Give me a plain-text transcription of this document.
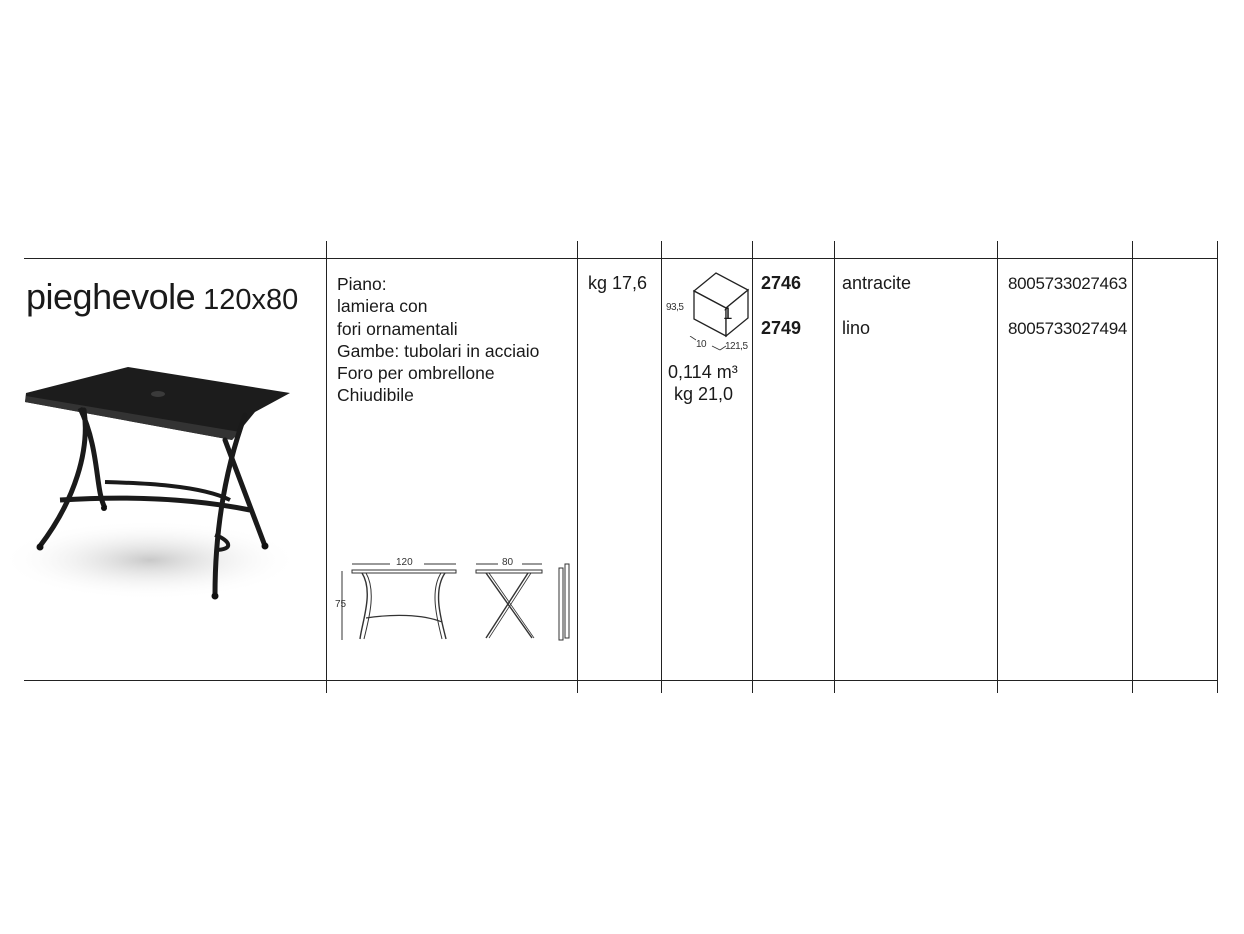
pieghevole 120x80 Piano:
lamiera con
fori ornamentali
Gambe: tubolari in acciaio
Foro per ombrellone
Chiudibile
120
75
80
kg 17,6
1
93,5
10 121,5
0,114 m³
kg 21,0
2746 antracite	8005733027463
2749 lino	8005733027494
